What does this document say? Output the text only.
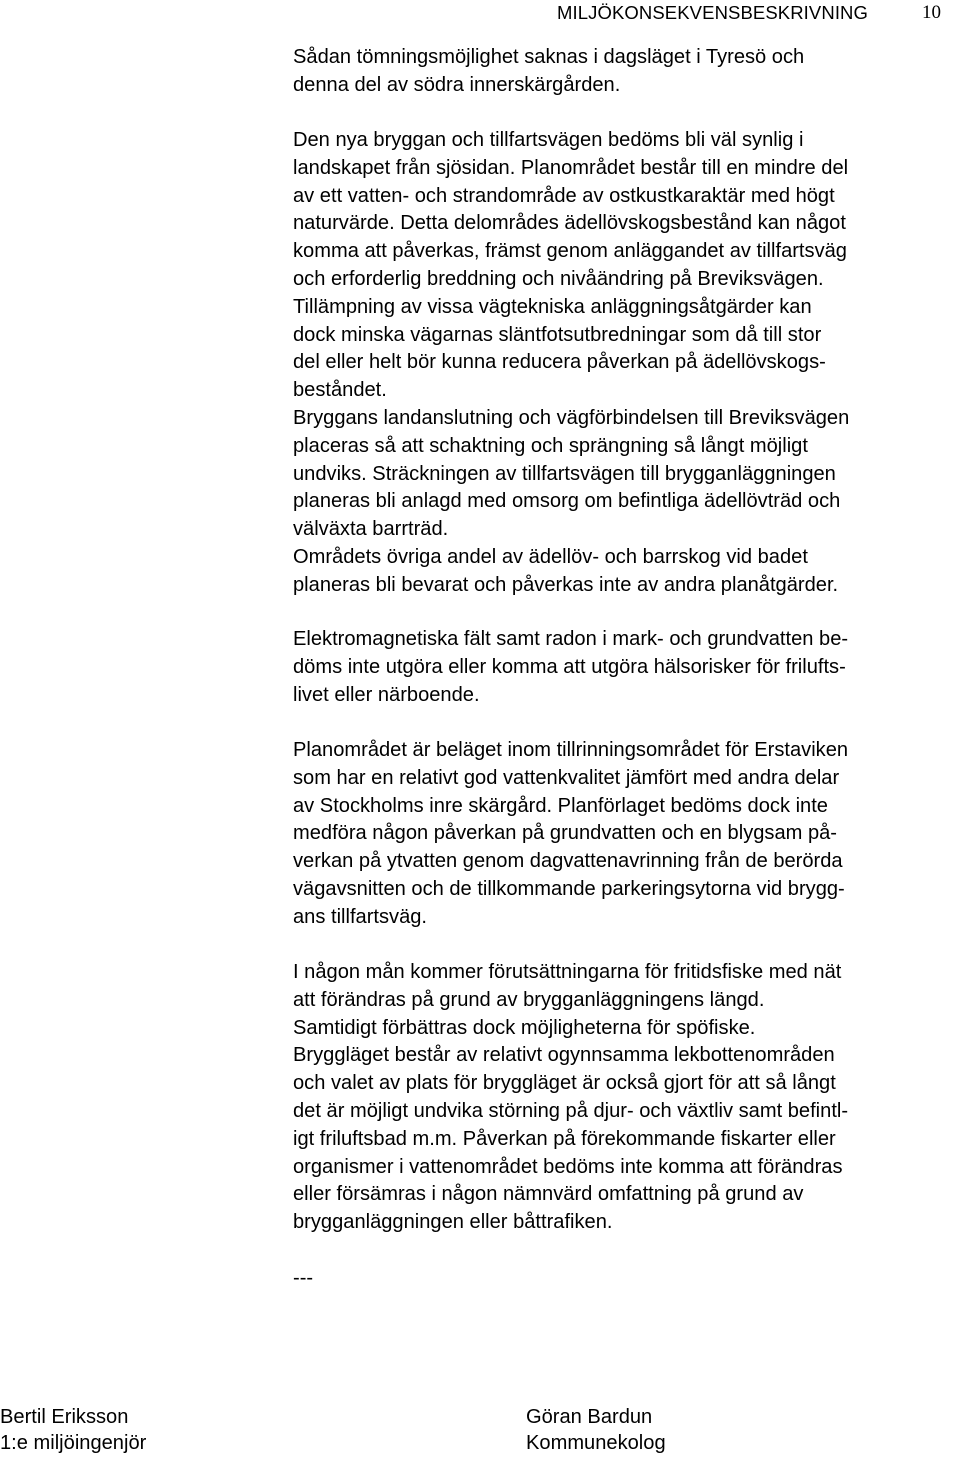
MILJÖKONSEKVENSBESKRIVNING	10
Sådan tömningsmöjlighet saknas i dagsläget i Tyresö och
denna del av södra innerskärgården.
Den nya bryggan och tillfartsvägen bedöms bli väl synlig i
landskapet från sjösidan. Planområdet består till en mindre del
av ett vatten- och strandområde av ostkustkaraktär med högt
naturvärde. Detta delområdes ädellövskogsbestånd kan något
komma att påverkas, främst genom anläggandet av tillfartsväg
och erforderlig breddning och nivåändring på Breviksvägen.
Tillämpning av vissa vägtekniska anläggningsåtgärder kan
dock minska vägarnas släntfotsutbredningar som då till stor
del eller helt bör kunna reducera påverkan på ädellövskogs-
beståndet.
Bryggans landanslutning och vägförbindelsen till Breviksvägen
placeras så att schaktning och sprängning så långt möjligt
undviks. Sträckningen av tillfartsvägen till brygganläggningen
planeras bli anlagd med omsorg om befintliga ädellövträd och
välväxta barrträd.
Områdets övriga andel av ädellöv- och barrskog vid badet
planeras bli bevarat och påverkas inte av andra planåtgärder.
Elektromagnetiska fält samt radon i mark- och grundvatten be-
döms inte utgöra eller komma att utgöra hälsorisker för frilufts-
livet eller närboende.
Planområdet är beläget inom tillrinningsområdet för Erstaviken
som har en relativt god vattenkvalitet jämfört med andra delar
av Stockholms inre skärgård. Planförlaget bedöms dock inte
medföra någon påverkan på grundvatten och en blygsam på-
verkan på ytvatten genom dagvattenavrinning från de berörda
vägavsnitten och de tillkommande parkeringsytorna vid brygg-
ans tillfartsväg.
I någon mån kommer förutsättningarna för fritidsfiske med nät
att förändras på grund av brygganläggningens längd.
Samtidigt förbättras dock möjligheterna för spöfiske.
Bryggläget består av relativt ogynnsamma lekbottenområden
och valet av plats för bryggläget är också gjort för att så långt
det är möjligt undvika störning på djur- och växtliv samt befintl-
igt friluftsbad m.m. Påverkan på förekommande fiskarter eller
organismer i vattenområdet bedöms inte komma att förändras
eller försämras i någon nämnvärd omfattning på grund av
brygganläggningen eller båttrafiken.
---
Bertil Eriksson
1:e miljöingenjör
Göran Bardun
Kommunekolog
